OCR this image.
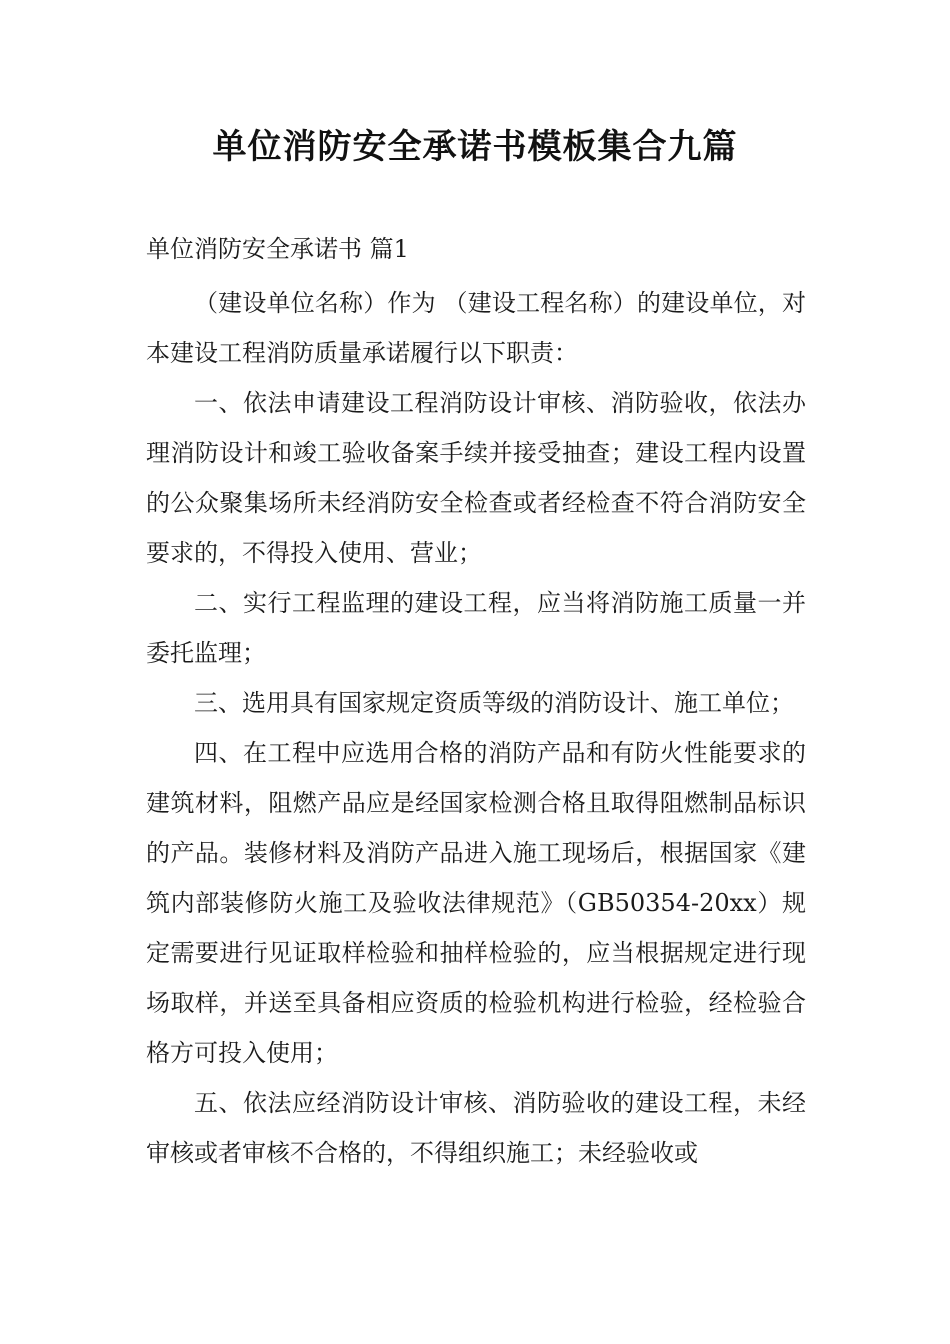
单位消防安全承诺书模板集合九篇

单位消防安全承诺书 篇1

（建设单位名称）作为 （建设工程名称）的建设单位，对本建设工程消防质量承诺履行以下职责：

一、依法申请建设工程消防设计审核、消防验收，依法办理消防设计和竣工验收备案手续并接受抽查；建设工程内设置的公众聚集场所未经消防安全检查或者经检查不符合消防安全要求的，不得投入使用、营业；

二、实行工程监理的建设工程，应当将消防施工质量一并委托监理；

三、选用具有国家规定资质等级的消防设计、施工单位；

四、在工程中应选用合格的消防产品和有防火性能要求的建筑材料，阻燃产品应是经国家检测合格且取得阻燃制品标识的产品。装修材料及消防产品进入施工现场后，根据国家《建筑内部装修防火施工及验收法律规范》（GB50354-20xx）规定需要进行见证取样检验和抽样检验的，应当根据规定进行现场取样，并送至具备相应资质的检验机构进行检验，经检验合格方可投入使用；

五、依法应经消防设计审核、消防验收的建设工程，未经审核或者审核不合格的，不得组织施工；未经验收或
